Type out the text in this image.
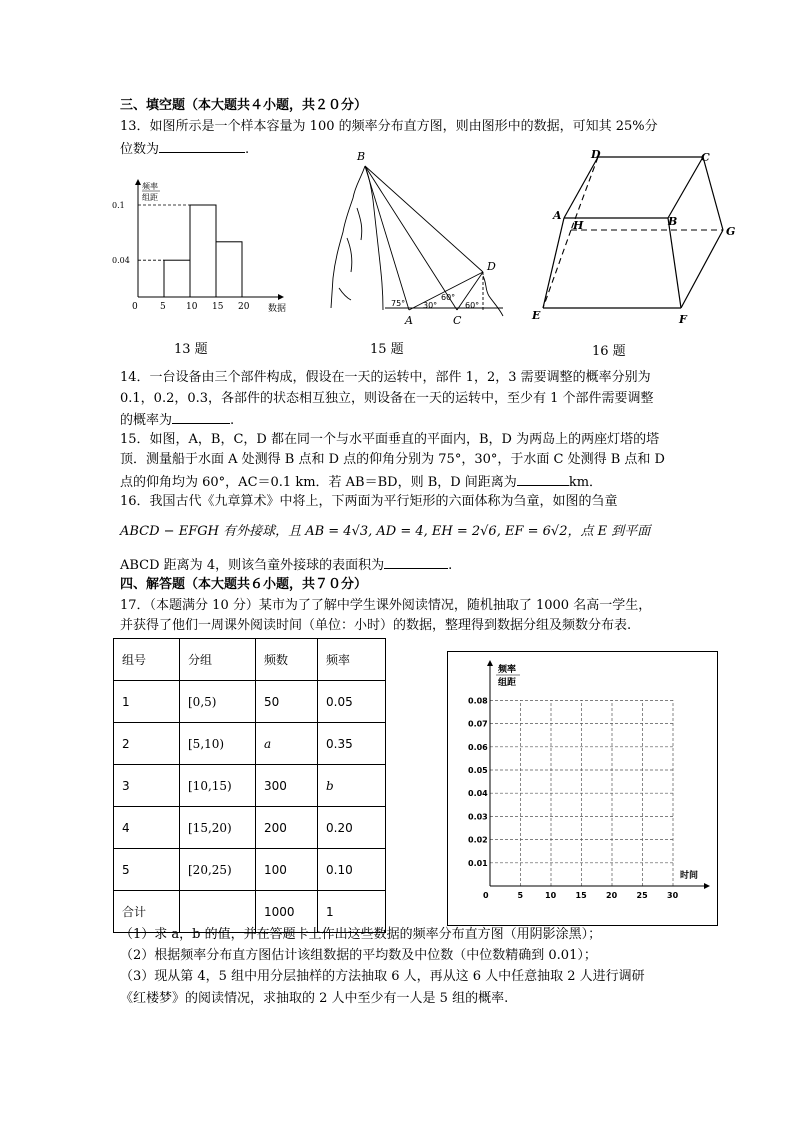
三、填空题（本大题共４小题，共２０分）
13．如图所示是一个样本容量为 100 的频率分布直方图，则由图形中的数据，可知其 25%分
位数为	.
频率
组距
数据
0 5 10 15 20
0.04
0.1
B
D
A	C
75° 30°
60°
60°
D	C
A	B
H	G
E	F
13 题	15 题	16 题
14．一台设备由三个部件构成，假设在一天的运转中，部件 1，2，3 需要调整的概率分别为
0.1，0.2，0.3，各部件的状态相互独立，则设备在一天的运转中，至少有 1 个部件需要调整
的概率为	.
15．如图，A，B，C，D 都在同一个与水平面垂直的平面内，B，D 为两岛上的两座灯塔的塔
顶．测量船于水面 A 处测得 B 点和 D 点的仰角分别为 75°，30°，于水面 C 处测得 B 点和 D
点的仰角均为 60°，AC＝0.1 km．若 AB＝BD，则 B，D 间距离为	km．
16．我国古代《九章算术》中将上，下两面为平行矩形的六面体称为刍童，如图的刍童
ABCD − EFGH 有外接球，且 AB = 4√3, AD = 4, EH = 2√6, EF = 6√2，点 E 到平面
ABCD 距离为 4，则该刍童外接球的表面积为	.
四、解答题（本大题共６小题，共７０分）
17．（本题满分 10 分）某市为了了解中学生课外阅读情况，随机抽取了 1000 名高一学生，
并获得了他们一周课外阅读时间（单位：小时）的数据，整理得到数据分组及频数分布表.
组号	分组	频数	频率
1	[0,5)	50	0.05
2	[5,10)	a	0.35
3	[10,15)	300	b
4	[15,20)	200	0.20
5	[20,25)	100	0.10
合计		1000	1
频率
组距
时间
0.01
0.02
0.03
0.04
0.05
0.06
0.07
0.08
0	5	10 15 20 25 30
（1）求 a，b 的值，并在答题卡上作出这些数据的频率分布直方图（用阴影涂黑）；
（2）根据频率分布直方图估计该组数据的平均数及中位数（中位数精确到 0.01）；
（3）现从第 4，5 组中用分层抽样的方法抽取 6 人，再从这 6 人中任意抽取 2 人进行调研
《红楼梦》的阅读情况，求抽取的 2 人中至少有一人是 5 组的概率.
